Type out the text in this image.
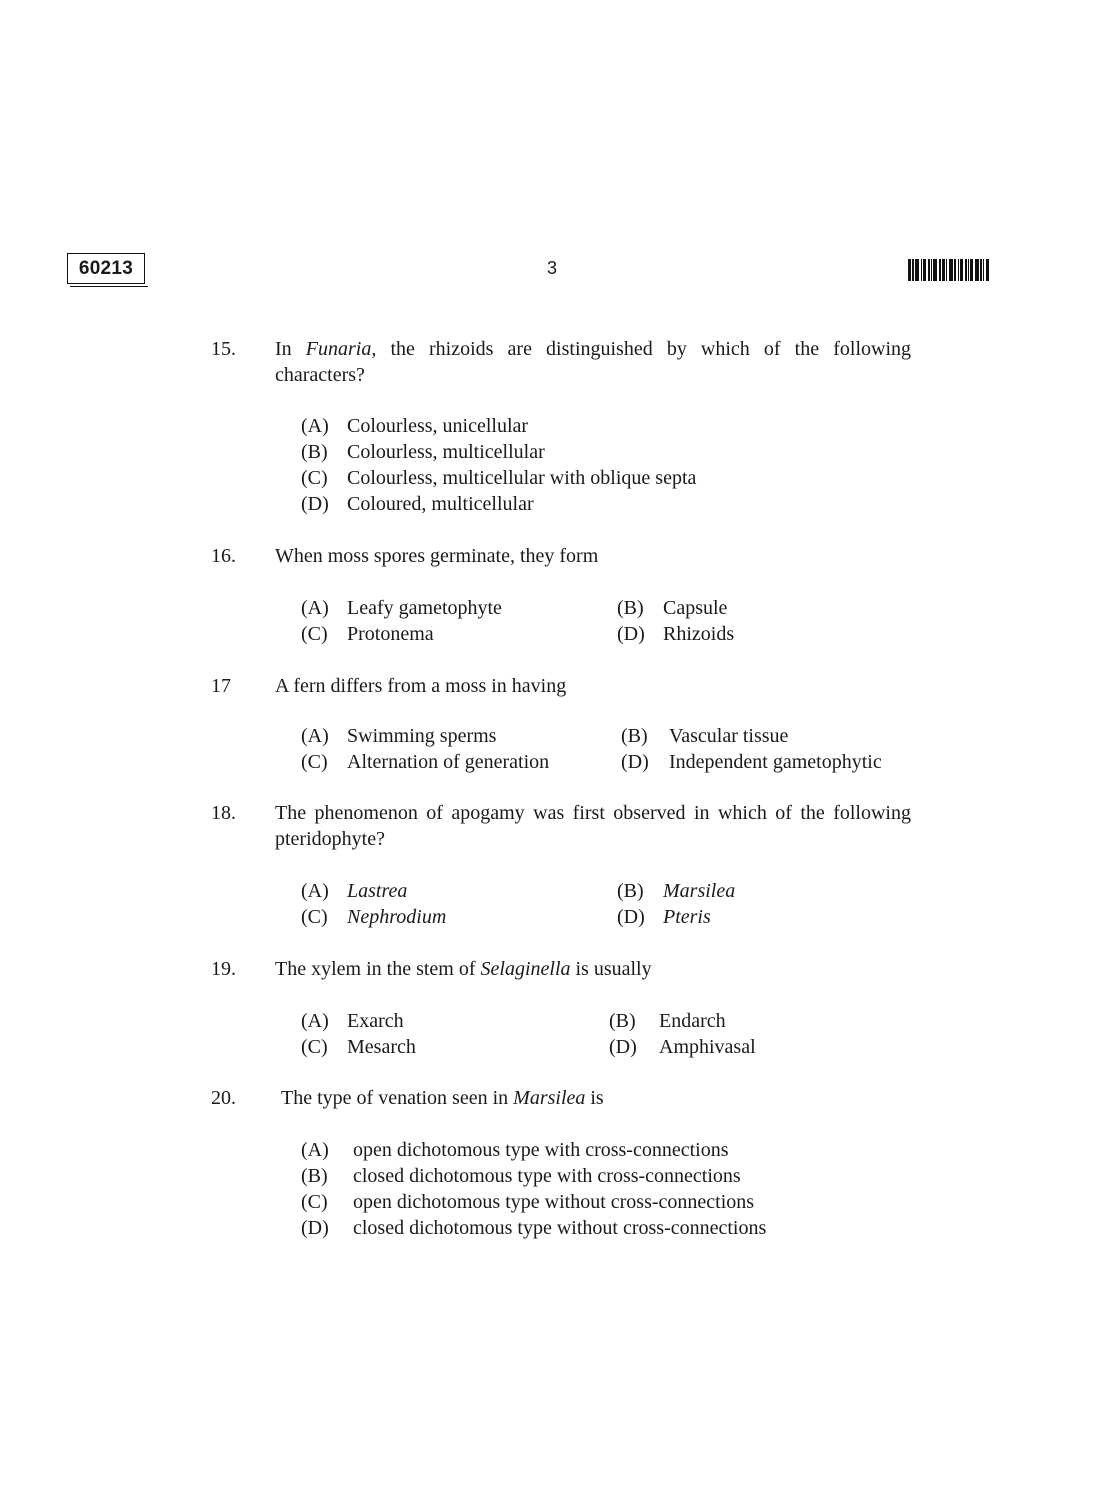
60213	3
15. In Funaria, the rhizoids are distinguished by which of the following characters?
(A) Colourless, unicellular
(B) Colourless, multicellular
(C) Colourless, multicellular with oblique septa
(D) Coloured, multicellular
16. When moss spores germinate, they form
(A) Leafy gametophyte	(B) Capsule
(C) Protonema	(D) Rhizoids
17 A fern differs from a moss in having
(A) Swimming sperms	(B) Vascular tissue
(C) Alternation of generation	(D) Independent gametophytic
18. The phenomenon of apogamy was first observed in which of the following pteridophyte?
(A) Lastrea	(B) Marsilea
(C) Nephrodium	(D) Pteris
19. The xylem in the stem of Selaginella is usually
(A) Exarch	(B) Endarch
(C) Mesarch	(D) Amphivasal
20. The type of venation seen in Marsilea is
(A) open dichotomous type with cross-connections
(B) closed dichotomous type with cross-connections
(C) open dichotomous type without cross-connections
(D) closed dichotomous type without cross-connections
